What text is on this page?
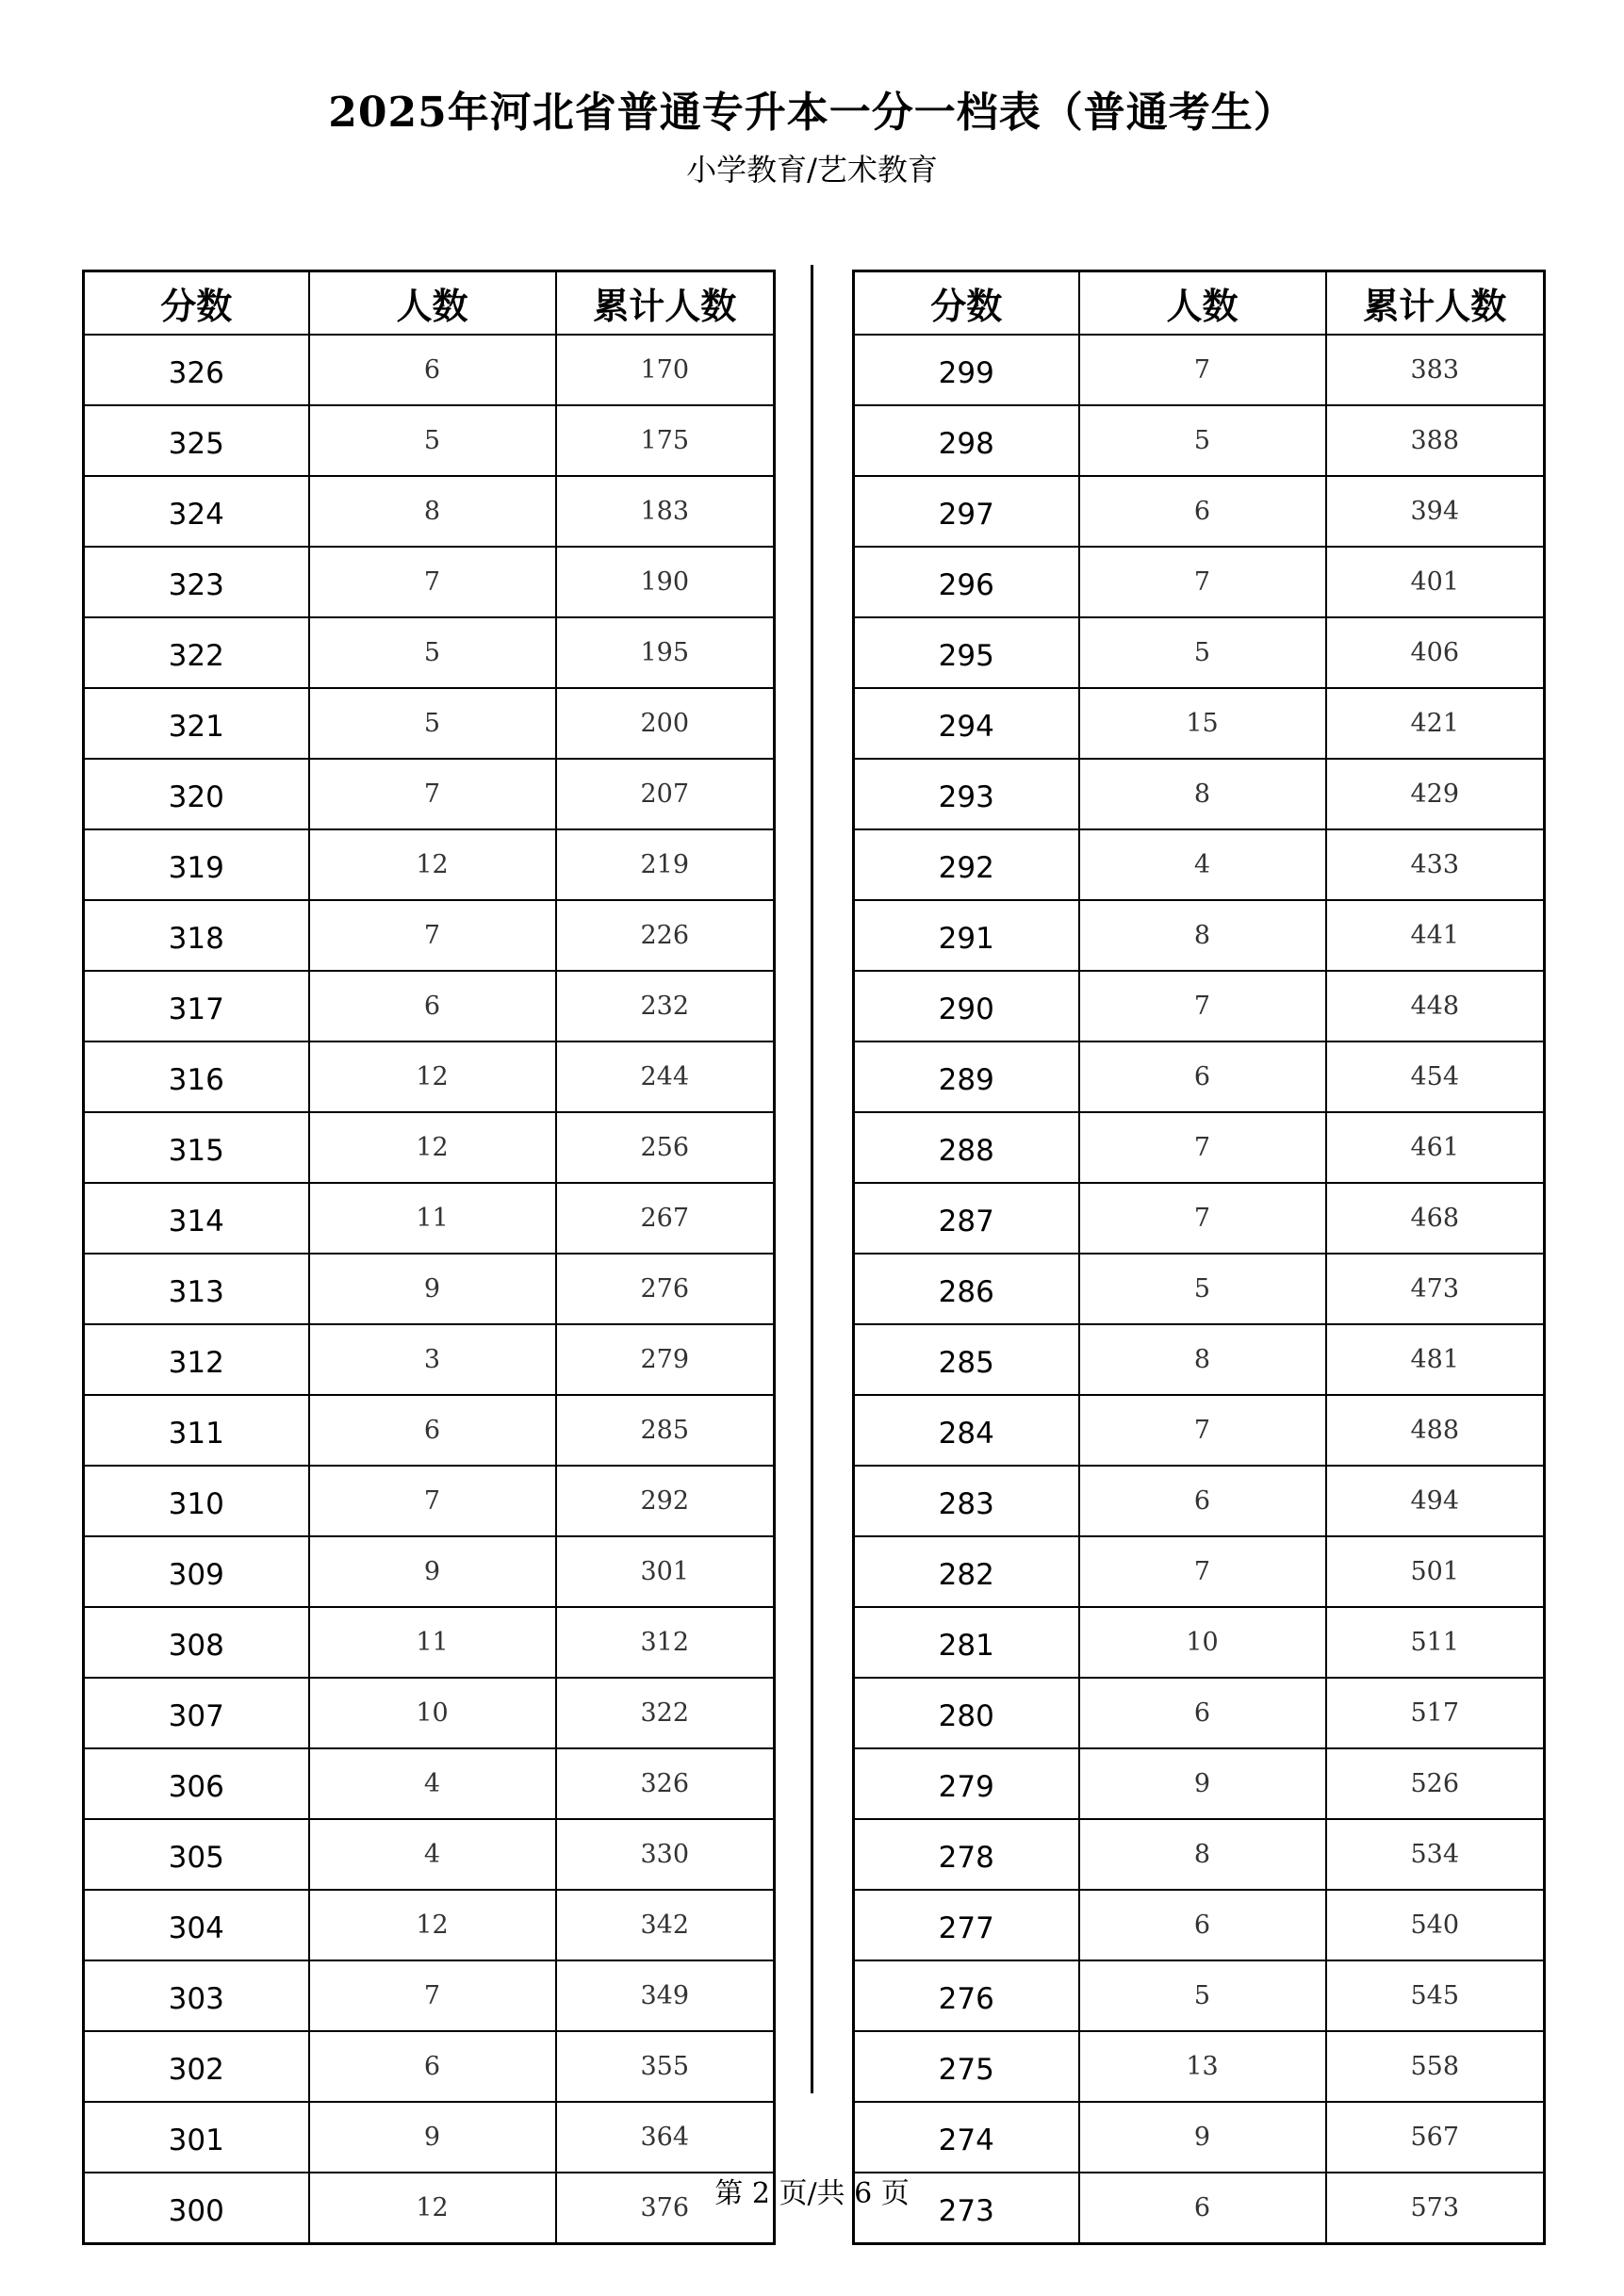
2025年河北省普通专升本一分一档表（普通考生）
小学教育/艺术教育
分数	人数	累计人数
326	6	170
325	5	175
324	8	183
323	7	190
322	5	195
321	5	200
320	7	207
319	12	219
318	7	226
317	6	232
316	12	244
315	12	256
314	11	267
313	9	276
312	3	279
311	6	285
310	7	292
309	9	301
308	11	312
307	10	322
306	4	326
305	4	330
304	12	342
303	7	349
302	6	355
301	9	364
300	12	376
分数	人数	累计人数
299	7	383
298	5	388
297	6	394
296	7	401
295	5	406
294	15	421
293	8	429
292	4	433
291	8	441
290	7	448
289	6	454
288	7	461
287	7	468
286	5	473
285	8	481
284	7	488
283	6	494
282	7	501
281	10	511
280	6	517
279	9	526
278	8	534
277	6	540
276	5	545
275	13	558
274	9	567
273	6	573
第 2 页/共 6 页
